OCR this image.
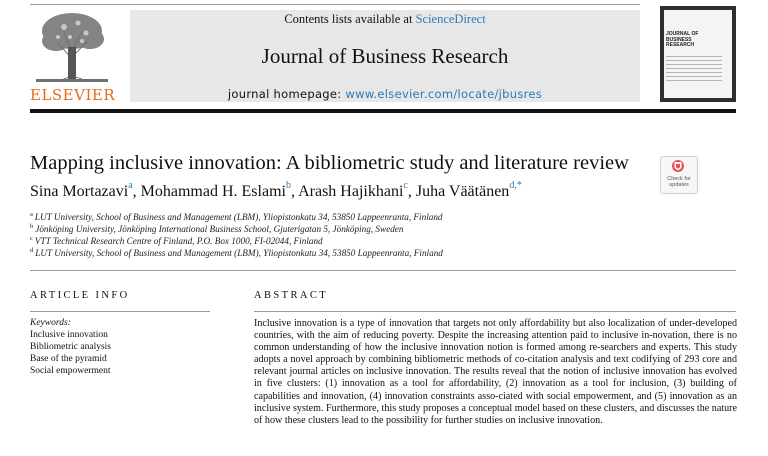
ELSEVIER
Contents lists available at ScienceDirect
Journal of Business Research
journal homepage: www.elsevier.com/locate/jbusres
JOURNAL OF BUSINESS RESEARCH
Mapping inclusive innovation: A bibliometric study and literature review
Check for updates
Sina Mortazavi$^a$, Mohammad H. Eslami$^b$, Arash Hajikhani$^c$, Juha Väätänen$^{d,*}$
$^a$ LUT University, School of Business and Management (LBM), Yliopistonkatu 34, 53850 Lappeenranta, Finland
$^b$ Jönköping University, Jönköping International Business School, Gjuterigatan 5, Jönköping, Sweden
$^c$ VTT Technical Research Centre of Finland, P.O. Box 1000, FI-02044, Finland
$^d$ LUT University, School of Business and Management (LBM), Yliopistonkatu 34, 53850 Lappeenranta, Finland
ARTICLE INFO
Keywords:
Inclusive innovation
Bibliometric analysis
Base of the pyramid
Social empowerment
ABSTRACT
Inclusive innovation is a type of innovation that targets not only affordability but also localization of under-developed countries, with the aim of reducing poverty. Despite the increasing attention paid to inclusive in-novation, there is no common understanding of how the inclusive innovation notion is formed among re-searchers and experts. This study adopts a novel approach by combining bibliometric methods of co-citation analysis and text codifying of 293 core and relevant journal articles on inclusive innovation. The results reveal that the notion of inclusive innovation has evolved in five clusters: (1) innovation as a tool for affordability, (2) innovation as a tool for inclusion, (3) building of capabilities and innovation, (4) innovation constraints asso-ciated with social empowerment, and (5) innovation as an inclusive system. Furthermore, this study proposes a conceptual model based on these clusters, and discusses the nature of how these clusters lead to the possibility for further studies on inclusive innovation.
